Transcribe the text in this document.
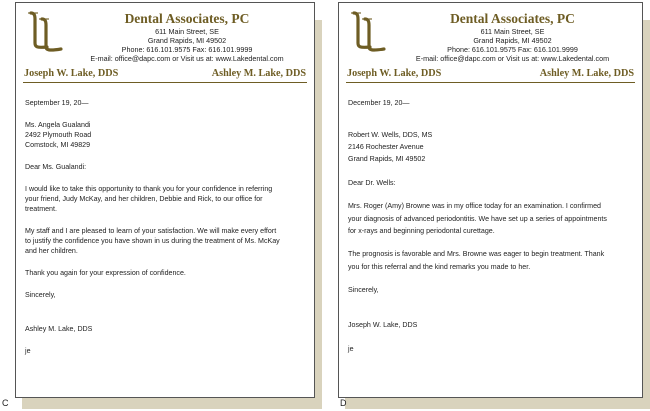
Dental Associates, PC
611 Main Street, SE
Grand Rapids, MI 49502
Phone: 616.101.9575 Fax: 616.101.9999
E-mail: office@dapc.com or Visit us at: www.Lakedental.com
Joseph W. Lake, DDS	Ashley M. Lake, DDS
September 19, 20—
Ms. Angela Gualandi
2492 Plymouth Road
Comstock, MI 49829
Dear Ms. Gualandi:
I would like to take this opportunity to thank you for your confidence in referring
your friend, Judy McKay, and her children, Debbie and Rick, to our office for
treatment.
My staff and I are pleased to learn of your satisfaction. We will make every effort
to justify the confidence you have shown in us during the treatment of Ms. McKay
and her children.
Thank you again for your expression of confidence.
Sincerely,
Ashley M. Lake, DDS
je
Dental Associates, PC
611 Main Street, SE
Grand Rapids, MI 49502
Phone: 616.101.9575 Fax: 616.101.9999
E-mail: office@dapc.com or Visit us at: www.Lakedental.com
Joseph W. Lake, DDS	Ashley M. Lake, DDS
December 19, 20—
Robert W. Wells, DDS, MS
2146 Rochester Avenue
Grand Rapids, MI 49502
Dear Dr. Wells:
Mrs. Roger (Amy) Browne was in my office today for an examination. I confirmed
your diagnosis of advanced periodontitis. We have set up a series of appointments
for x-rays and beginning periodontal curettage.
The prognosis is favorable and Mrs. Browne was eager to begin treatment. Thank
you for this referral and the kind remarks you made to her.
Sincerely,
Joseph W. Lake, DDS
je
C	D
